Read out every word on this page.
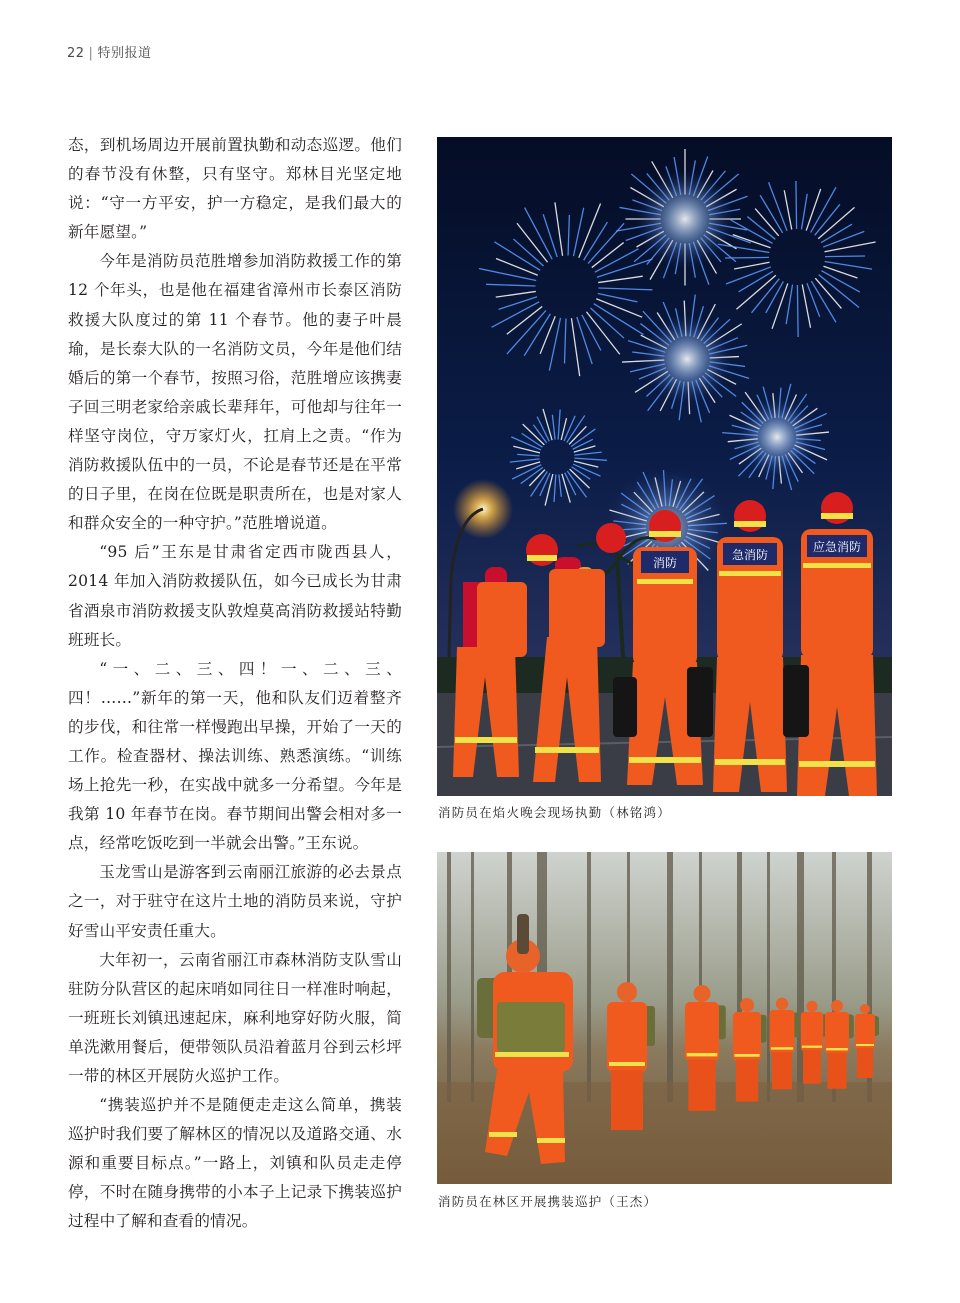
22 | 特别报道

态，到机场周边开展前置执勤和动态巡逻。他们的春节没有休整，只有坚守。郑林目光坚定地说：“守一方平安，护一方稳定，是我们最大的新年愿望。”

今年是消防员范胜增参加消防救援工作的第 12 个年头，也是他在福建省漳州市长泰区消防救援大队度过的第 11 个春节。他的妻子叶晨瑜，是长泰大队的一名消防文员，今年是他们结婚后的第一个春节，按照习俗，范胜增应该携妻子回三明老家给亲戚长辈拜年，可他却与往年一样坚守岗位，守万家灯火，扛肩上之责。“作为消防救援队伍中的一员，不论是春节还是在平常的日子里，在岗在位既是职责所在，也是对家人和群众安全的一种守护。”范胜增说道。

“95 后”王东是甘肃省定西市陇西县人，2014 年加入消防救援队伍，如今已成长为甘肃省酒泉市消防救援支队敦煌莫高消防救援站特勤班班长。

“一、二、三、四！一、二、三、四！……”新年的第一天，他和队友们迈着整齐的步伐，和往常一样慢跑出早操，开始了一天的工作。检查器材、操法训练、熟悉演练。“训练场上抢先一秒，在实战中就多一分希望。今年是我第 10 年春节在岗。春节期间出警会相对多一点，经常吃饭吃到一半就会出警。”王东说。

玉龙雪山是游客到云南丽江旅游的必去景点之一，对于驻守在这片土地的消防员来说，守护好雪山平安责任重大。

大年初一，云南省丽江市森林消防支队雪山驻防分队营区的起床哨如同往日一样准时响起，一班班长刘镇迅速起床，麻利地穿好防火服，简单洗漱用餐后，便带领队员沿着蓝月谷到云杉坪一带的林区开展防火巡护工作。

“携装巡护并不是随便走走这么简单，携装巡护时我们要了解林区的情况以及道路交通、水源和重要目标点。”一路上，刘镇和队员走走停停，不时在随身携带的小本子上记录下携装巡护过程中了解和查看的情况。

消防
急消防
应急消防
消防员在焰火晚会现场执勤（林铭鸿）
消防员在林区开展携装巡护（王杰）
